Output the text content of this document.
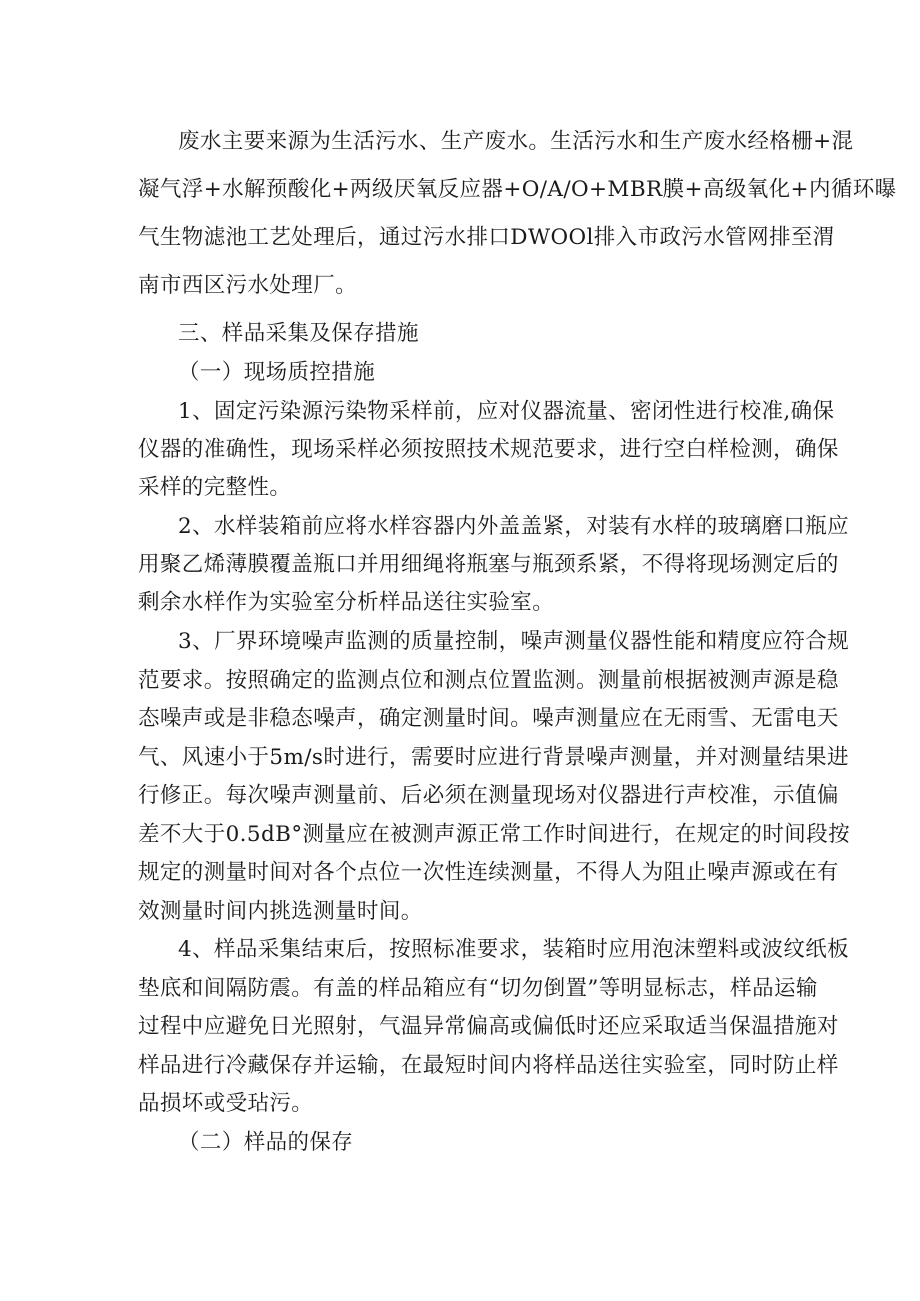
废水主要来源为生活污水、生产废水。生活污水和生产废水经格栅+混
凝气浮+水解预酸化+两级厌氧反应器+O/A/O+MBR膜+高级氧化+内循环曝
气生物滤池工艺处理后，通过污水排口DWOOl排入市政污水管网排至渭
南市西区污水处理厂。
三、样品采集及保存措施
（一）现场质控措施
1、固定污染源污染物采样前，应对仪器流量、密闭性进行校准,确保
仪器的准确性，现场采样必须按照技术规范要求，进行空白样检测，确保
采样的完整性。
2、水样装箱前应将水样容器内外盖盖紧，对装有水样的玻璃磨口瓶应
用聚乙烯薄膜覆盖瓶口并用细绳将瓶塞与瓶颈系紧，不得将现场测定后的
剩余水样作为实验室分析样品送往实验室。
3、厂界环境噪声监测的质量控制，噪声测量仪器性能和精度应符合规
范要求。按照确定的监测点位和测点位置监测。测量前根据被测声源是稳
态噪声或是非稳态噪声，确定测量时间。噪声测量应在无雨雪、无雷电天
气、风速小于5m/s时进行，需要时应进行背景噪声测量，并对测量结果进
行修正。每次噪声测量前、后必须在测量现场对仪器进行声校准，示值偏
差不大于0.5dB°测量应在被测声源正常工作时间进行，在规定的时间段按
规定的测量时间对各个点位一次性连续测量，不得人为阻止噪声源或在有
效测量时间内挑选测量时间。
4、样品采集结束后，按照标准要求，装箱时应用泡沫塑料或波纹纸板
垫底和间隔防震。有盖的样品箱应有“切勿倒置”等明显标志，样品运输
过程中应避免日光照射，气温异常偏高或偏低时还应采取适当保温措施对
样品进行冷藏保存并运输，在最短时间内将样品送往实验室，同时防止样
品损坏或受玷污。
（二）样品的保存
